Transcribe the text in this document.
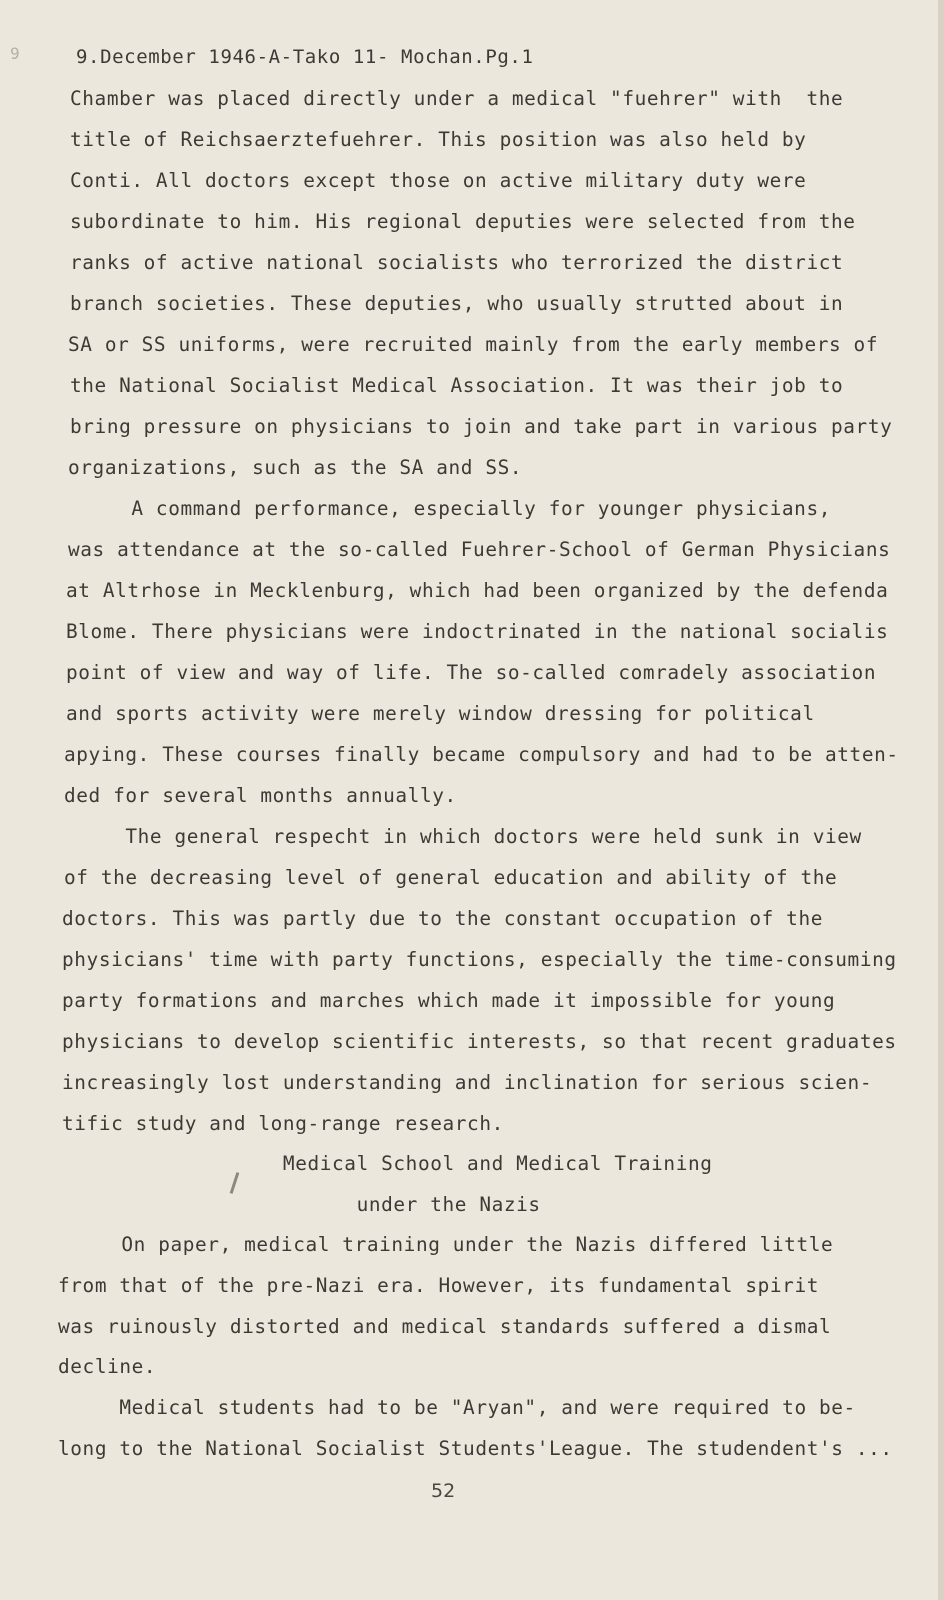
9	9.December 1946-A-Tako 11- Mochan.Pg.1
Chamber was placed directly under a medical "fuehrer" with  the
title of Reichsaerztefuehrer. This position was also held by
Conti. All doctors except those on active military duty were
subordinate to him. His regional deputies were selected from the
ranks of active national socialists who terrorized the district
branch societies. These deputies, who usually strutted about in
SA or SS uniforms, were recruited mainly from the early members of
the National Socialist Medical Association. It was their job to
bring pressure on physicians to join and take part in various party
organizations, such as the SA and SS.
A command performance, especially for younger physicians,
was attendance at the so-called Fuehrer-School of German Physicians
at Altrhose in Mecklenburg, which had been organized by the defenda
Blome. There physicians were indoctrinated in the national socialis
point of view and way of life. The so-called comradely association
and sports activity were merely window dressing for political
apying. These courses finally became compulsory and had to be atten-
ded for several months annually.
The general respecht in which doctors were held sunk in view
of the decreasing level of general education and ability of the
doctors. This was partly due to the constant occupation of the
physicians' time with party functions, especially the time-consuming
party formations and marches which made it impossible for young
physicians to develop scientific interests, so that recent graduates
increasingly lost understanding and inclination for serious scien-
tific study and long-range research.
Medical School and Medical Training
under the Nazis
On paper, medical training under the Nazis differed little
from that of the pre-Nazi era. However, its fundamental spirit
was ruinously distorted and medical standards suffered a dismal
decline.
Medical students had to be "Aryan", and were required to be-
long to the National Socialist Students'League. The studendent's ...
52
